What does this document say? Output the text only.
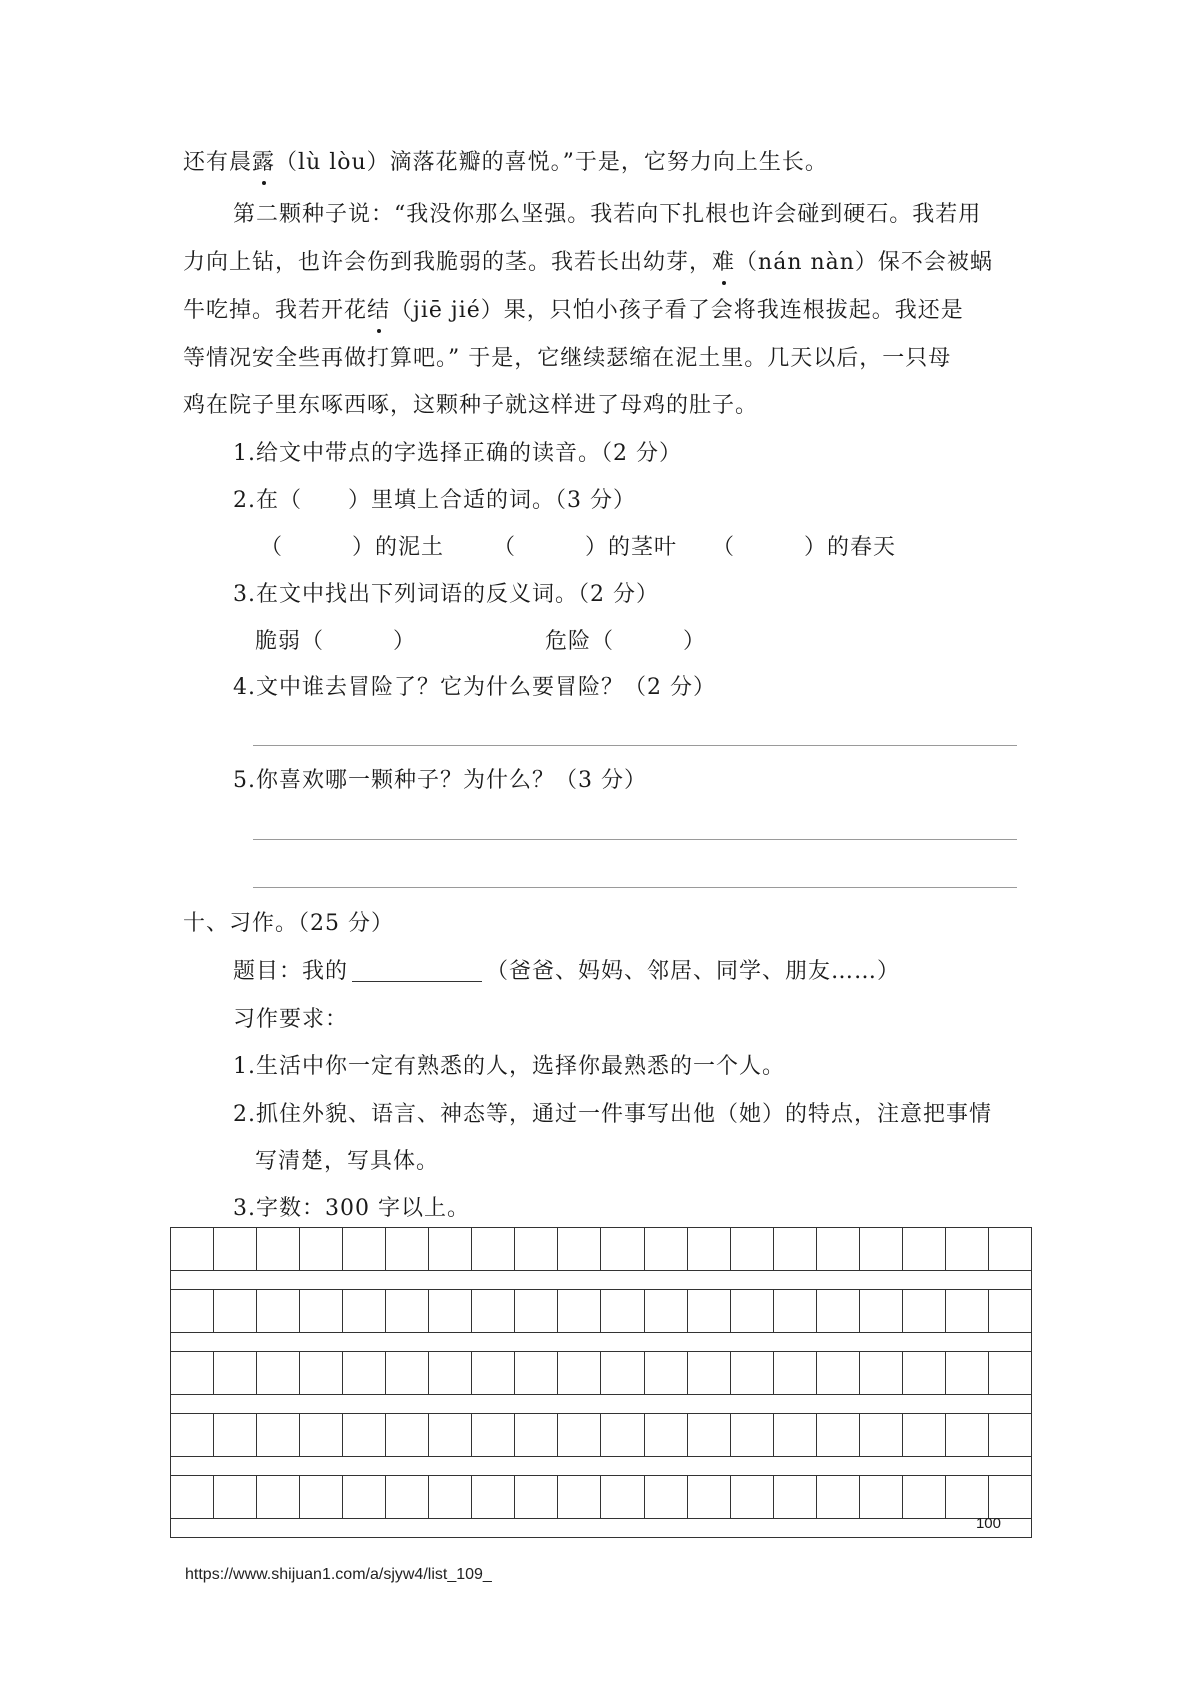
还有晨露（lù lòu）滴落花瓣的喜悦。”于是，它努力向上生长。
第二颗种子说：“我没你那么坚强。我若向下扎根也许会碰到硬石。我若用
力向上钻，也许会伤到我脆弱的茎。我若长出幼芽，难（nán nàn）保不会被蜗
牛吃掉。我若开花结（jiē jié）果，只怕小孩子看了会将我连根拔起。我还是
等情况安全些再做打算吧。” 于是，它继续瑟缩在泥土里。几天以后，一只母
鸡在院子里东啄西啄，这颗种子就这样进了母鸡的肚子。
1.给文中带点的字选择正确的读音。（2 分）
2.在（　　）里填上合适的词。（3 分）
（　　　）的泥土 （　　　）的茎叶 （　　　）的春天
3.在文中找出下列词语的反义词。（2 分）
脆弱（　　　）	危险（　　　）
4.文中谁去冒险了？它为什么要冒险？（2 分）
5.你喜欢哪一颗种子？为什么？（3 分）
十、习作。（25 分）
题目：我的	（爸爸、妈妈、邻居、同学、朋友……）
习作要求：
1.生活中你一定有熟悉的人，选择你最熟悉的一个人。
2.抓住外貌、语言、神态等，通过一件事写出他（她）的特点，注意把事情
写清楚，写具体。
3.字数：300 字以上。
100
https://www.shijuan1.com/a/sjyw4/list_109_
